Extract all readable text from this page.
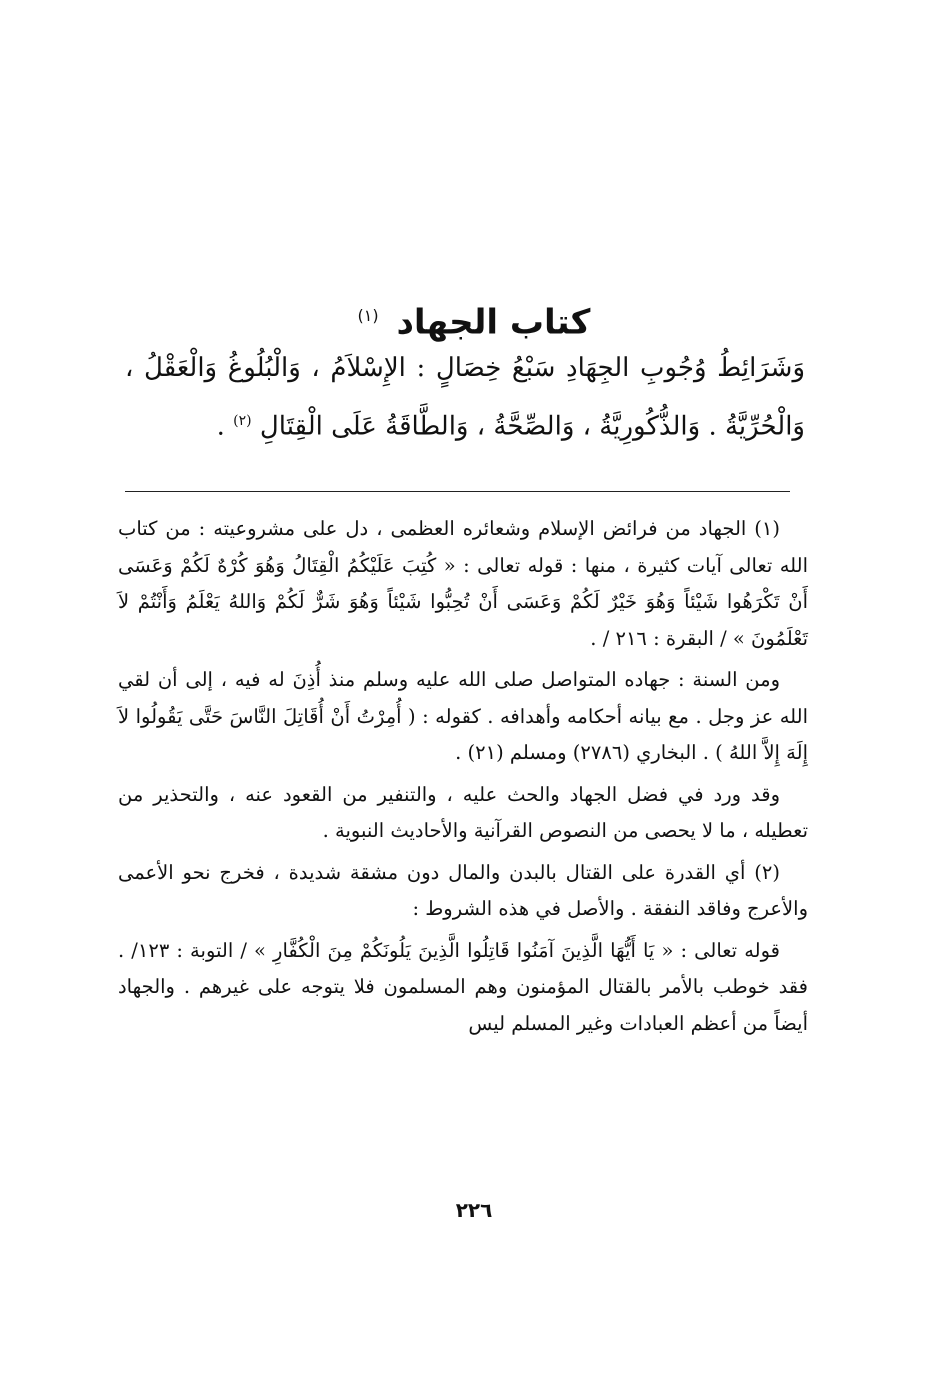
كتاب الجهاد $^{(١)}$
وَشَرَائِطُ وُجُوبِ الجِهَادِ سَبْعُ خِصَالٍ : الإِسْلاَمُ ، وَالْبُلُوغُ وَالْعَقْلُ ، وَالْحُرِّيَّةُ . وَالذُّكُورِيَّةُ ، وَالصِّحَّةُ ، وَالطَّاقَةُ عَلَى الْقِتَالِ $^{(٢)}$ .

(١) الجهاد من فرائض الإسلام وشعائره العظمى ، دل على مشروعيته : من كتاب الله تعالى آيات كثيرة ، منها : قوله تعالى : « كُتِبَ عَلَيْكُمُ الْقِتَالُ وَهُوَ كُرْهٌ لَكُمْ وَعَسَى أَنْ تَكْرَهُوا شَيْئاً وَهُوَ خَيْرٌ لَكُمْ وَعَسَى أَنْ تُحِبُّوا شَيْئاً وَهُوَ شَرٌّ لَكُمْ وَاللهُ يَعْلَمُ وَأَنْتُمْ لاَ تَعْلَمُونَ » / البقرة : ٢١٦ / .

ومن السنة : جهاده المتواصل صلى الله عليه وسلم منذ أُذِنَ له فيه ، إلى أن لقي الله عز وجل . مع بيانه أحكامه وأهدافه . كقوله : ( أُمِرْتُ أَنْ أُقَاتِلَ النَّاسَ حَتَّى يَقُولُوا لاَ إِلَهَ إِلاَّ اللهُ ) . البخاري (٢٧٨٦) ومسلم (٢١) .

وقد ورد في فضل الجهاد والحث عليه ، والتنفير من القعود عنه ، والتحذير من تعطيله ، ما لا يحصى من النصوص القرآنية والأحاديث النبوية .

(٢) أي القدرة على القتال بالبدن والمال دون مشقة شديدة ، فخرج نحو الأعمى والأعرج وفاقد النفقة . والأصل في هذه الشروط :

قوله تعالى : « يَا أَيُّهَا الَّذِينَ آمَنُوا قَاتِلُوا الَّذِينَ يَلُونَكُمْ مِنَ الْكُفَّارِ » / التوبة : ١٢٣/ . فقد خوطب بالأمر بالقتال المؤمنون وهم المسلمون فلا يتوجه على غيرهم . والجهاد أيضاً من أعظم العبادات وغير المسلم ليس

٢٢٦
